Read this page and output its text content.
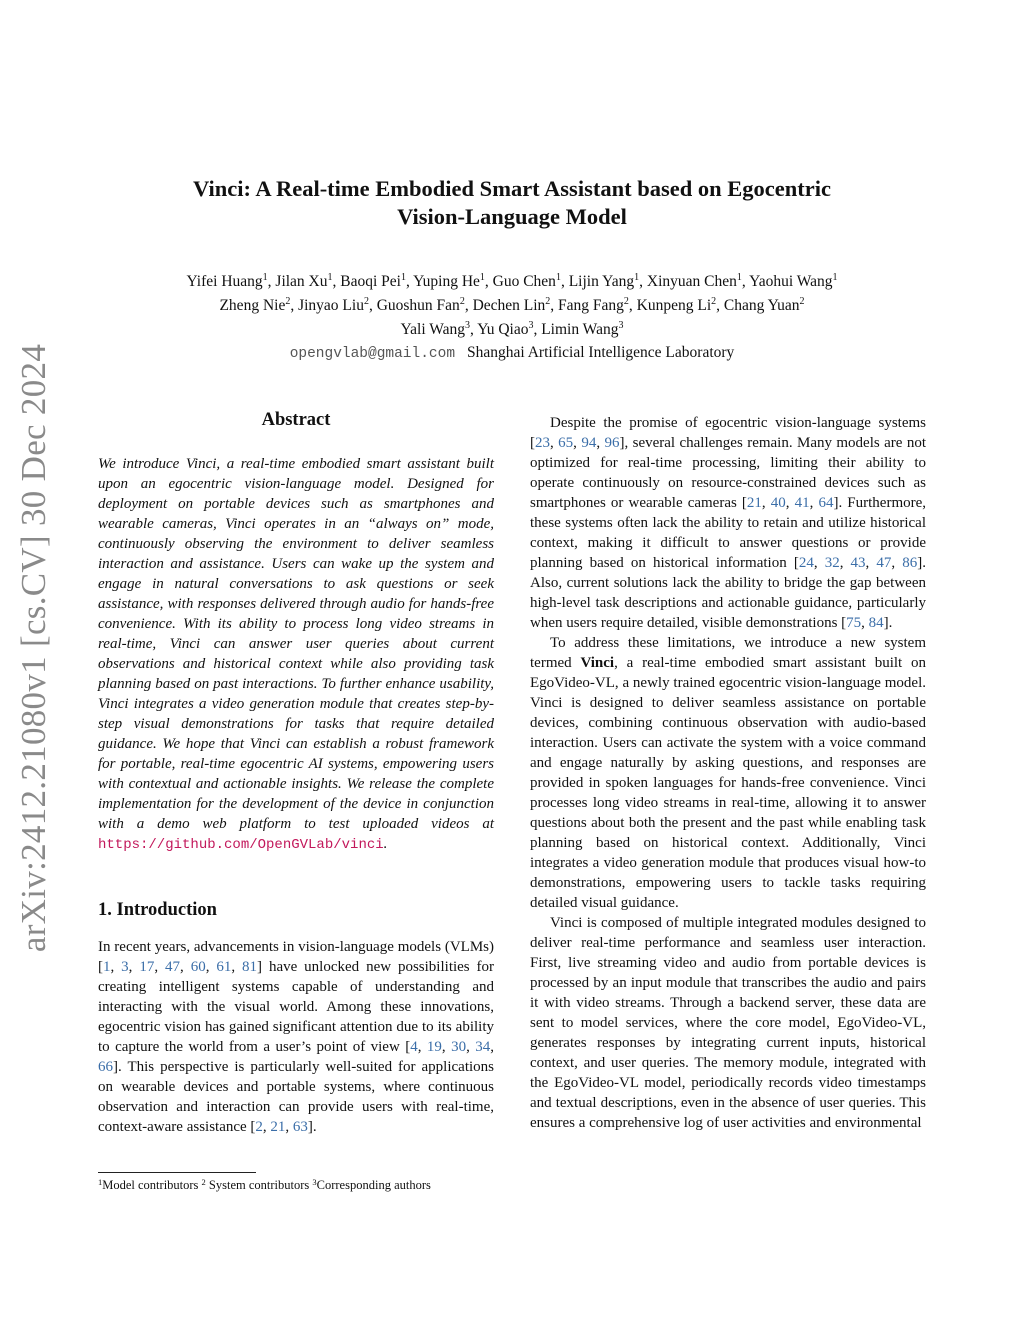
arXiv:2412.21080v1 [cs.CV] 30 Dec 2024
Vinci: A Real-time Embodied Smart Assistant based on Egocentric
Vision-Language Model
Yifei Huang$^1$, Jilan Xu$^1$, Baoqi Pei$^1$, Yuping He$^1$, Guo Chen$^1$, Lijin Yang$^1$, Xinyuan Chen$^1$, Yaohui Wang$^1$
Zheng Nie$^2$, Jinyao Liu$^2$, Guoshun Fan$^2$, Dechen Lin$^2$, Fang Fang$^2$, Kunpeng Li$^2$, Chang Yuan$^2$
Yali Wang$^3$, Yu Qiao$^3$, Limin Wang$^3$
opengvlab@gmail.com Shanghai Artificial Intelligence Laboratory
Abstract
We introduce Vinci, a real-time embodied smart assistant built upon an egocentric vision-language model. Designed for deployment on portable devices such as smartphones and wearable cameras, Vinci operates in an “always on” mode, continuously observing the environment to deliver seamless interaction and assistance. Users can wake up the system and engage in natural conversations to ask questions or seek assistance, with responses delivered through audio for hands-free convenience. With its ability to process long video streams in real-time, Vinci can answer user queries about current observations and historical context while also providing task planning based on past interactions. To further enhance usability, Vinci integrates a video generation module that creates step-by-step visual demonstrations for tasks that require detailed guidance. We hope that Vinci can establish a robust framework for portable, real-time egocentric AI systems, empowering users with contextual and actionable insights. We release the complete implementation for the development of the device in conjunction with a demo web platform to test uploaded videos at https://github.com/OpenGVLab/vinci.
1. Introduction
In recent years, advancements in vision-language models (VLMs) [1, 3, 17, 47, 60, 61, 81] have unlocked new possibilities for creating intelligent systems capable of understanding and interacting with the visual world. Among these innovations, egocentric vision has gained significant attention due to its ability to capture the world from a user’s point of view [4, 19, 30, 34, 66]. This perspective is particularly well-suited for applications on wearable devices and portable systems, where continuous observation and interaction can provide users with real-time, context-aware assistance [2, 21, 63].
$^1$Model contributors $^2$ System contributors $^3$Corresponding authors

Despite the promise of egocentric vision-language systems [23, 65, 94, 96], several challenges remain. Many models are not optimized for real-time processing, limiting their ability to operate continuously on resource-constrained devices such as smartphones or wearable cameras [21, 40, 41, 64]. Furthermore, these systems often lack the ability to retain and utilize historical context, making it difficult to answer questions or provide planning based on historical information [24, 32, 43, 47, 86]. Also, current solutions lack the ability to bridge the gap between high-level task descriptions and actionable guidance, particularly when users require detailed, visible demonstrations [75, 84].

To address these limitations, we introduce a new system termed Vinci, a real-time embodied smart assistant built on EgoVideo-VL, a newly trained egocentric vision-language model. Vinci is designed to deliver seamless assistance on portable devices, combining continuous observation with audio-based interaction. Users can activate the system with a voice command and engage naturally by asking questions, and responses are provided in spoken languages for hands-free convenience. Vinci processes long video streams in real-time, allowing it to answer questions about both the present and the past while enabling task planning based on historical context. Additionally, Vinci integrates a video generation module that produces visual how-to demonstrations, empowering users to tackle tasks requiring detailed visual guidance.

Vinci is composed of multiple integrated modules designed to deliver real-time performance and seamless user interaction. First, live streaming video and audio from portable devices is processed by an input module that transcribes the audio and pairs it with video streams. Through a backend server, these data are sent to model services, where the core model, EgoVideo-VL, generates responses by integrating current inputs, historical context, and user queries. The memory module, integrated with the EgoVideo-VL model, periodically records video timestamps and textual descriptions, even in the absence of user queries. This ensures a comprehensive log of user activities and environmental
